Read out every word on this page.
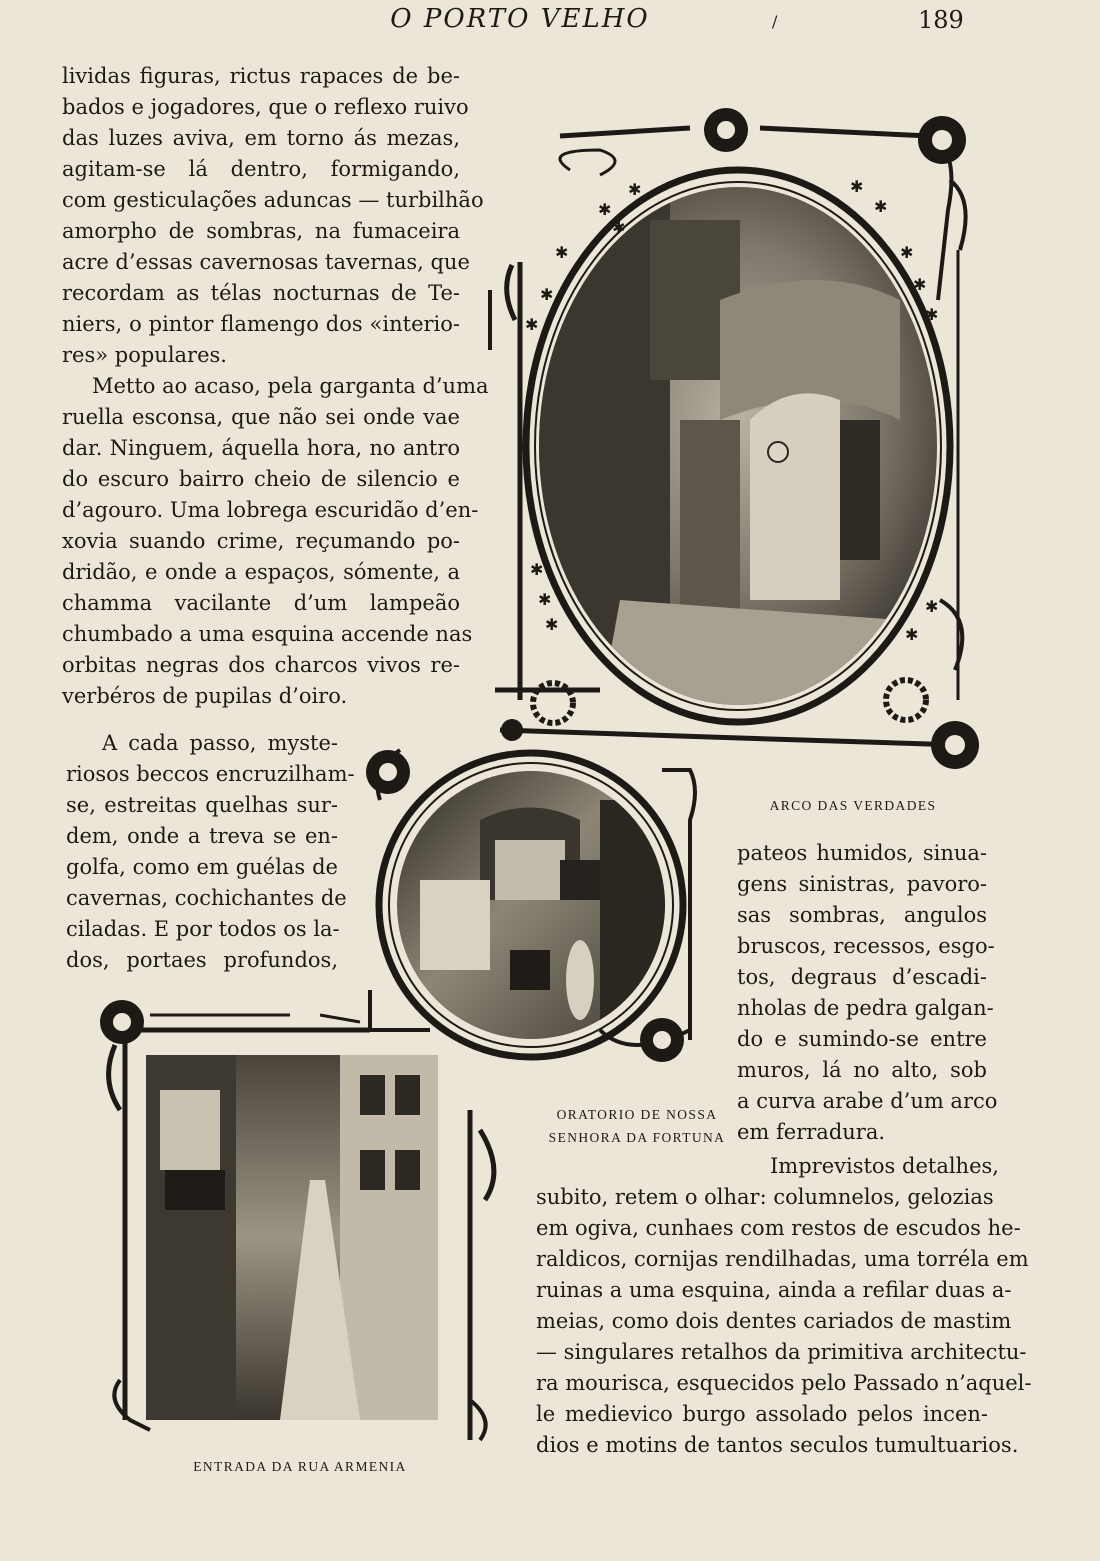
O PORTO VELHO	/	189
lividas figuras, rictus rapaces de be-
bados e jogadores, que o reflexo ruivo
das luzes aviva, em torno ás mezas,
agitam-se lá dentro, formigando,
com gesticulações aduncas — turbilhão
amorpho de sombras, na fumaceira
acre d’essas cavernosas tavernas, que
recordam as télas nocturnas de Te-
niers, o pintor flamengo dos «interio-
res» populares.
Metto ao acaso, pela garganta d’uma
ruella esconsa, que não sei onde vae
dar. Ninguem, áquella hora, no antro
do escuro bairro cheio de silencio e
d’agouro. Uma lobrega escuridão d’en-
xovia suando crime, reçumando po-
dridão, e onde a espaços, sómente, a
chamma vacilante d’um lampeão
chumbado a uma esquina accende nas
orbitas negras dos charcos vivos re-
verbéros de pupilas d’oiro.
A cada passo, myste-
riosos beccos encruzilham-
se, estreitas quelhas sur-
dem, onde a treva se en-
golfa, como em guélas de
cavernas, cochichantes de
ciladas. E por todos os la-
dos, portaes profundos,
pateos humidos, sinua-
gens sinistras, pavoro-
sas sombras, angulos
bruscos, recessos, esgo-
tos, degraus d’escadi-
nholas de pedra galgan-
do e sumindo-se entre
muros, lá no alto, sob
a curva arabe d’um arco
em ferradura.
Imprevistos detalhes,
subito, retem o olhar: columnelos, gelozias
em ogiva, cunhaes com restos de escudos he-
raldicos, cornijas rendilhadas, uma torréla em
ruinas a uma esquina, ainda a refilar duas a-
meias, como dois dentes cariados de mastim
— singulares retalhos da primitiva architectu-
ra mourisca, esquecidos pelo Passado n’aquel-
le medievico burgo assolado pelos incen-
dios e motins de tantos seculos tumultuarios.
✱
✱
✱
✱
✱
✱
✱
✱
✱
✱
✱
✱
✱
✱
✱
✱
ARCO DAS VERDADES
ORATORIO DE NOSSA
SENHORA DA FORTUNA
ENTRADA DA RUA ARMENIA
